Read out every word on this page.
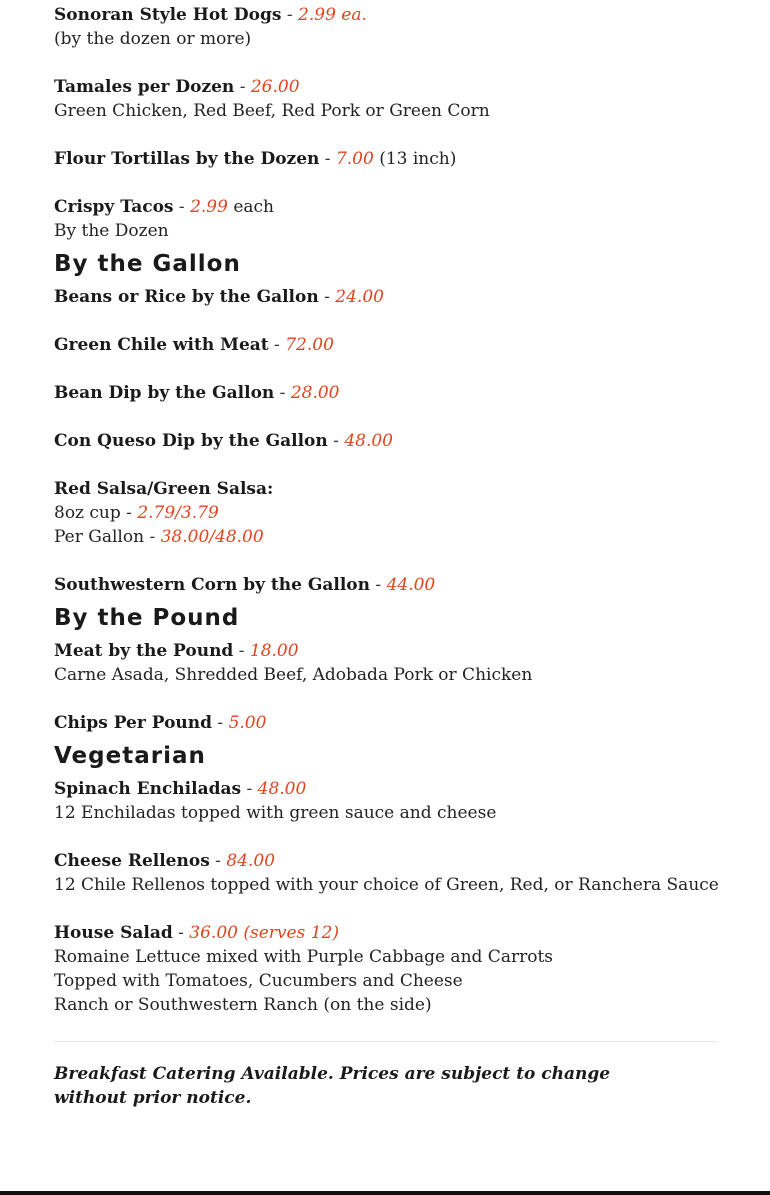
Sonoran Style Hot Dogs - 2.99 ea.
(by the dozen or more)
Tamales per Dozen - 26.00
Green Chicken, Red Beef, Red Pork or Green Corn
Flour Tortillas by the Dozen - 7.00 (13 inch)
Crispy Tacos - 2.99 each
By the Dozen
By the Gallon
Beans or Rice by the Gallon - 24.00
Green Chile with Meat - 72.00
Bean Dip by the Gallon - 28.00
Con Queso Dip by the Gallon - 48.00
Red Salsa/Green Salsa:
8oz cup - 2.79/3.79
Per Gallon - 38.00/48.00
Southwestern Corn by the Gallon - 44.00
By the Pound
Meat by the Pound - 18.00
Carne Asada, Shredded Beef, Adobada Pork or Chicken
Chips Per Pound - 5.00
Vegetarian
Spinach Enchiladas - 48.00
12 Enchiladas topped with green sauce and cheese
Cheese Rellenos - 84.00
12 Chile Rellenos topped with your choice of Green, Red, or Ranchera Sauce
House Salad - 36.00 (serves 12)
Romaine Lettuce mixed with Purple Cabbage and Carrots
Topped with Tomatoes, Cucumbers and Cheese
Ranch or Southwestern Ranch (on the side)
Breakfast Catering Available. Prices are subject to change without prior notice.
